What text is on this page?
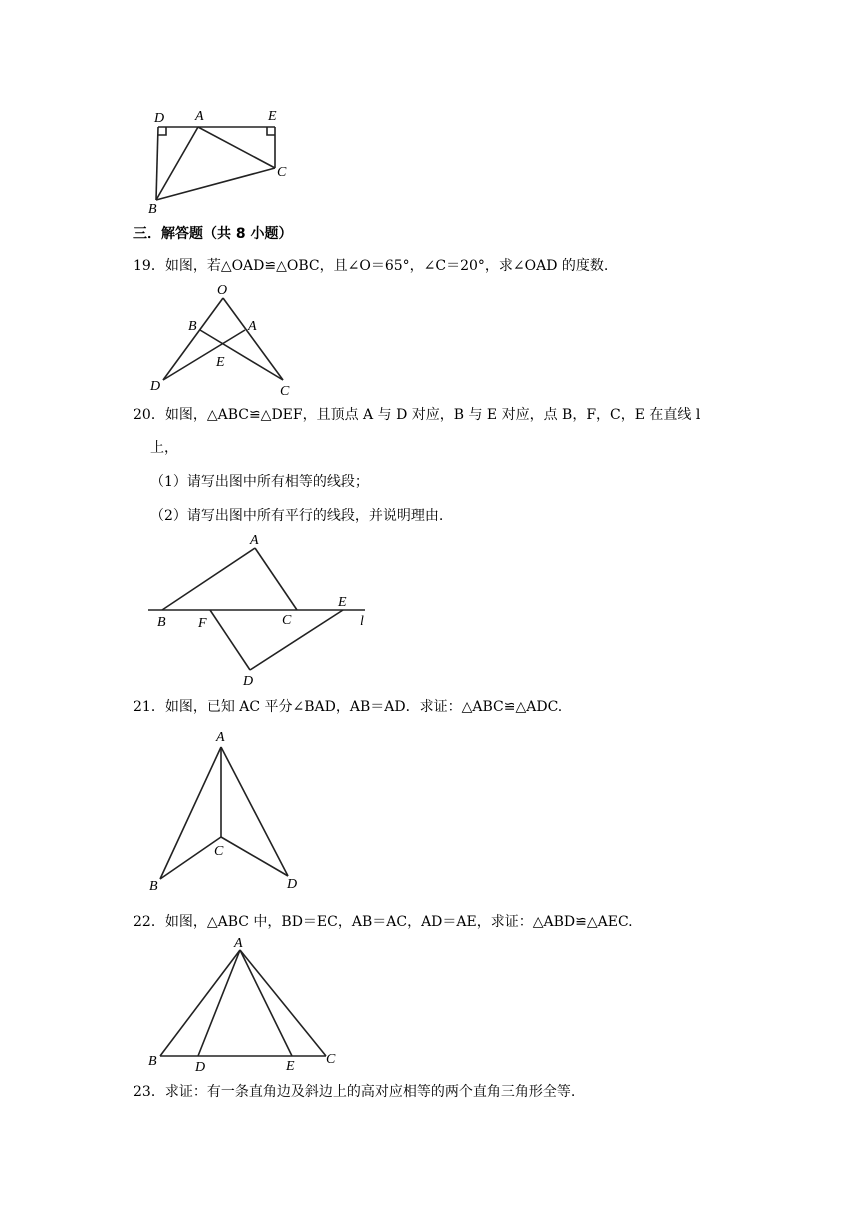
D A	E
C
B
三．解答题（共 8 小题）
19．如图，若△OAD≌△OBC，且∠O＝65°，∠C＝20°，求∠OAD 的度数.
O
B	A
E
D	C
20．如图，△ABC≌△DEF，且顶点 A 与 D 对应，B 与 E 对应，点 B，F，C，E 在直线 l
上，
（1）请写出图中所有相等的线段；
（2）请写出图中所有平行的线段，并说明理由.
A
B F	C
E
l
D
21．如图，已知 AC 平分∠BAD，AB＝AD．求证：△ABC≌△ADC.
A
C
B	D
22．如图，△ABC 中，BD＝EC，AB＝AC，AD＝AE，求证：△ABD≌△AEC.
A
B	D	E C
23．求证：有一条直角边及斜边上的高对应相等的两个直角三角形全等.
